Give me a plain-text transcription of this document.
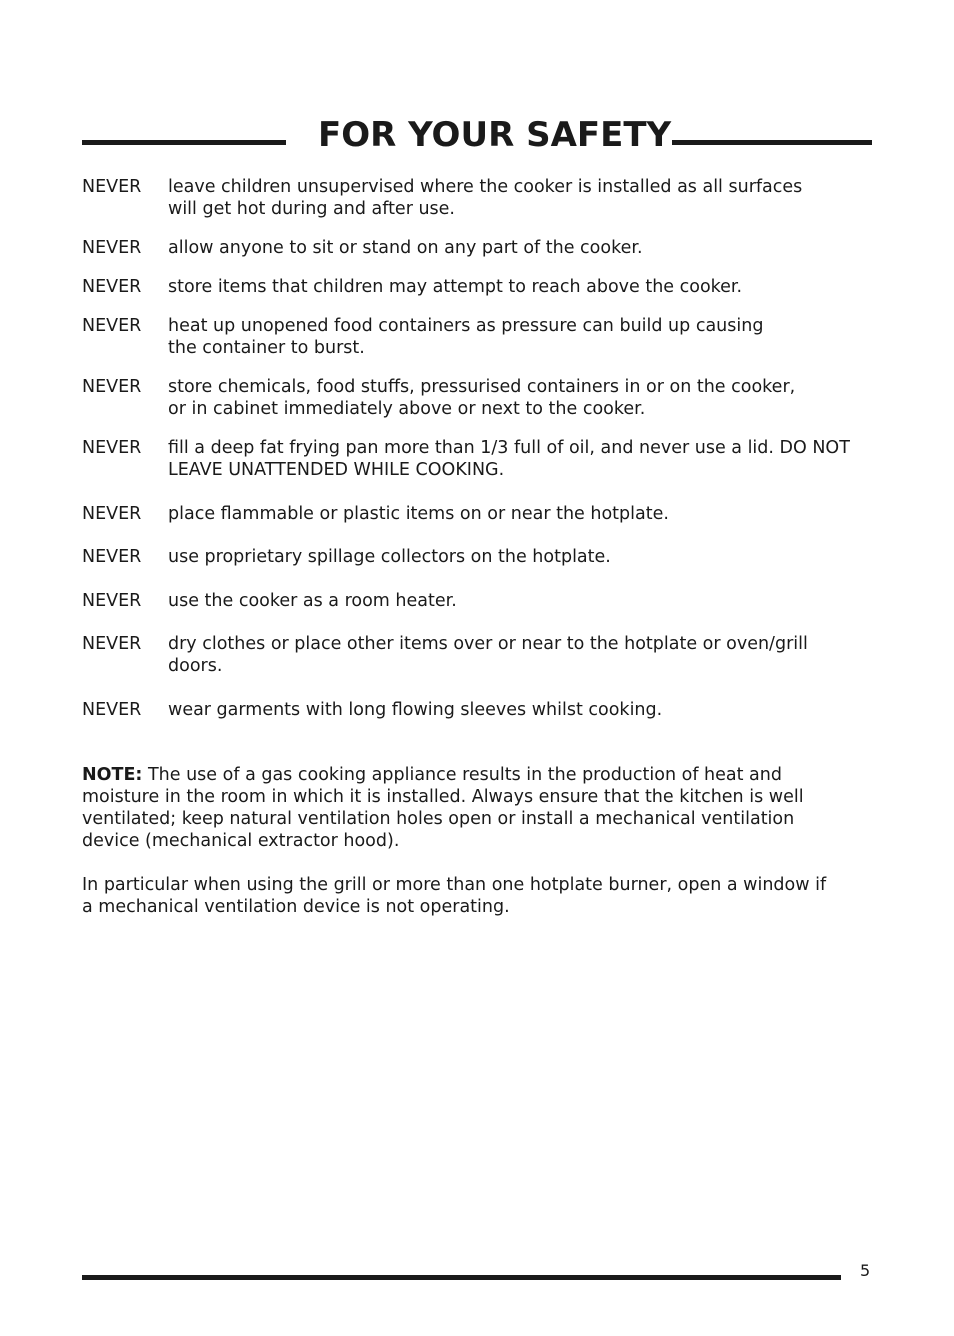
FOR YOUR SAFETY
NEVER leave children unsupervised where the cooker is installed as all surfaces
will get hot during and after use.
NEVER allow anyone to sit or stand on any part of the cooker.
NEVER store items that children may attempt to reach above the cooker.
NEVER heat up unopened food containers as pressure can build up causing
the container to burst.
NEVER store chemicals, food stuffs, pressurised containers in or on the cooker,
or in cabinet immediately above or next to the cooker.
NEVER fill a deep fat frying pan more than 1/3 full of oil, and never use a lid. DO NOT
LEAVE UNATTENDED WHILE COOKING.
NEVER place flammable or plastic items on or near the hotplate.
NEVER use proprietary spillage collectors on the hotplate.
NEVER use the cooker as a room heater.
NEVER dry clothes or place other items over or near to the hotplate or oven/grill
doors.
NEVER wear garments with long flowing sleeves whilst cooking.
NOTE: The use of a gas cooking appliance results in the production of heat and
moisture in the room in which it is installed. Always ensure that the kitchen is well
ventilated; keep natural ventilation holes open or install a mechanical ventilation
device (mechanical extractor hood).
In particular when using the grill or more than one hotplate burner, open a window if
a mechanical ventilation device is not operating.
5
